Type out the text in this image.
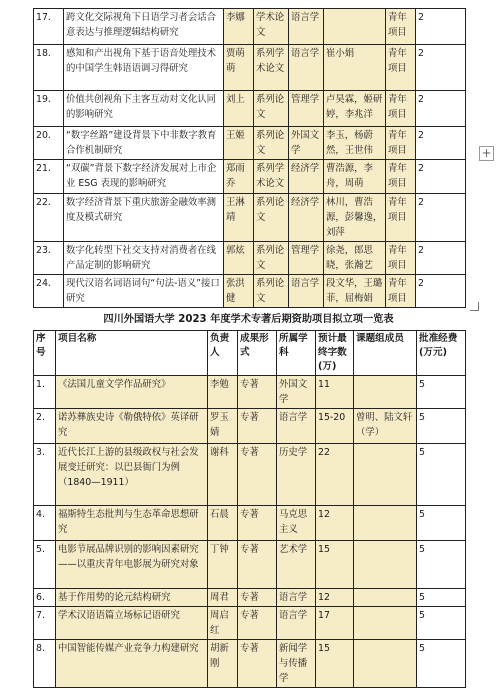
17.	跨文化交际视角下日语学习者会话合意表达与推理逻辑结构研究	李娜	学术论文	语言学		青年项目	2
18.	感知和产出视角下基于语音处理技术的中国学生韩语语调习得研究	贾萌萌	系列学术论文	语言学	崔小娟	青年项目	2
19.	价值共创视角下主客互动对文化认同的影响研究	刘上	系列论文	管理学	卢昊霖，姬研婷，李兆洋	青年项目	2
20.	“数字丝路”建设背景下中非数字教育合作机制研究	王姬	系列论文	外国文学	李玉，杨蔚然，王世伟	青年项目	2
21.	“双碳”背景下数字经济发展对上市企业 ESG 表现的影响研究	郑雨乔	系列学术论文	经济学	曹浩源，李舟，周萌	青年项目	2
22.	数字经济背景下重庆旅游金融效率测度及模式研究	王淋靖	系列论文	经济学	林川，曹浩源，彭馨逸，刘萍	青年项目	2
23.	数字化转型下社交支持对消费者在线产品定制的影响研究	郭炫	系列论文	管理学	徐尧，郎思晓，张瀚艺	青年项目	2
24.	现代汉语名词语词句“句法-语义”接口研究	张洪健	系列论文	语言学	段文华，王璐菲，屈梅娟	青年项目	2
+
四川外国语大学 2023 年度学术专著后期资助项目拟立项一览表
序号	项目名称	负责人	成果形式	所属学科	预计最终字数(万)	课题组成员	批准经费(万元)
1.	《法国儿童文学作品研究》	李勉	专著	外国文学	11		5
2.	诺苏彝族史诗《勒俄特依》英译研究	罗玉婧	专著	语言学	15-20	曾明、陆文轩（学）	5
3.	近代长江上游的县级政权与社会发展变迁研究：以巴县衙门为例（1840—1911）	谢科	专著	历史学	22		5
4.	福斯特生态批判与生态革命思想研究	石晨	专著	马克思主义	12		5
5.	电影节展品牌识别的影响因素研究——以重庆青年电影展为研究对象	丁钟	专著	艺术学	15		5
6.	基于作用势的论元结构研究	周君	专著	语言学	12		5
7.	学术汉语语篇立场标记语研究	周启红	专著	语言学	17		5
8.	中国智能传媒产业竞争力构建研究	胡新刚	专著	新闻学与传播学	15		5
